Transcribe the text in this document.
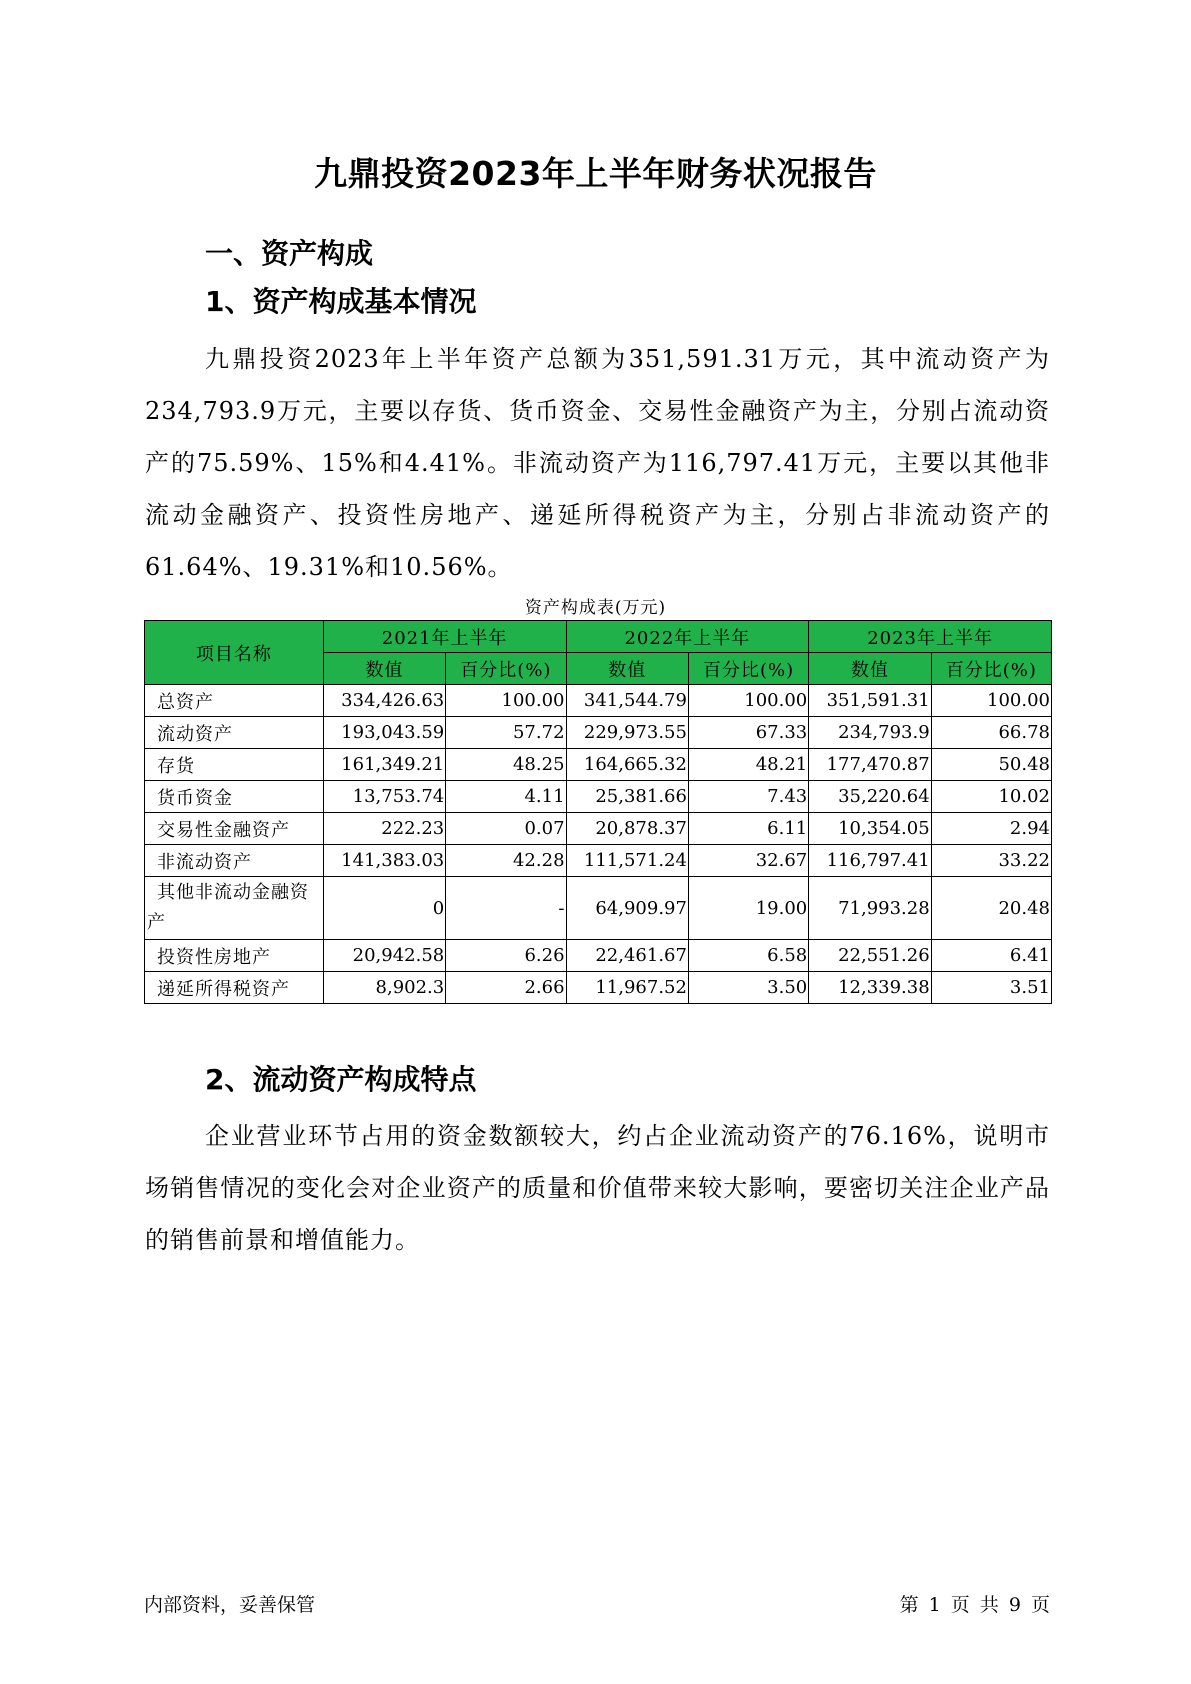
九鼎投资2023年上半年财务状况报告
一、资产构成
1、资产构成基本情况
九鼎投资2023年上半年资产总额为351,591.31万元，其中流动资产为234,793.9万元，主要以存货、货币资金、交易性金融资产为主，分别占流动资产的75.59%、15%和4.41%。非流动资产为116,797.41万元，主要以其他非流动金融资产、投资性房地产、递延所得税资产为主，分别占非流动资产的61.64%、19.31%和10.56%。
资产构成表(万元)
项目名称	2021年上半年		2022年上半年		2023年上半年	
	数值	百分比(%)	数值	百分比(%)	数值	百分比(%)
总资产	334,426.63	100.00	341,544.79	100.00	351,591.31	100.00
流动资产	193,043.59	57.72	229,973.55	67.33	234,793.9	66.78
存货	161,349.21	48.25	164,665.32	48.21	177,470.87	50.48
货币资金	13,753.74	4.11	25,381.66	7.43	35,220.64	10.02
交易性金融资产	222.23	0.07	20,878.37	6.11	10,354.05	2.94
非流动资产	141,383.03	42.28	111,571.24	32.67	116,797.41	33.22
其他非流动金融资产	0	-	64,909.97	19.00	71,993.28	20.48
投资性房地产	20,942.58	6.26	22,461.67	6.58	22,551.26	6.41
递延所得税资产	8,902.3	2.66	11,967.52	3.50	12,339.38	3.51
2、流动资产构成特点
企业营业环节占用的资金数额较大，约占企业流动资产的76.16%，说明市场销售情况的变化会对企业资产的质量和价值带来较大影响，要密切关注企业产品的销售前景和增值能力。
内部资料，妥善保管	第 1 页 共 9 页
